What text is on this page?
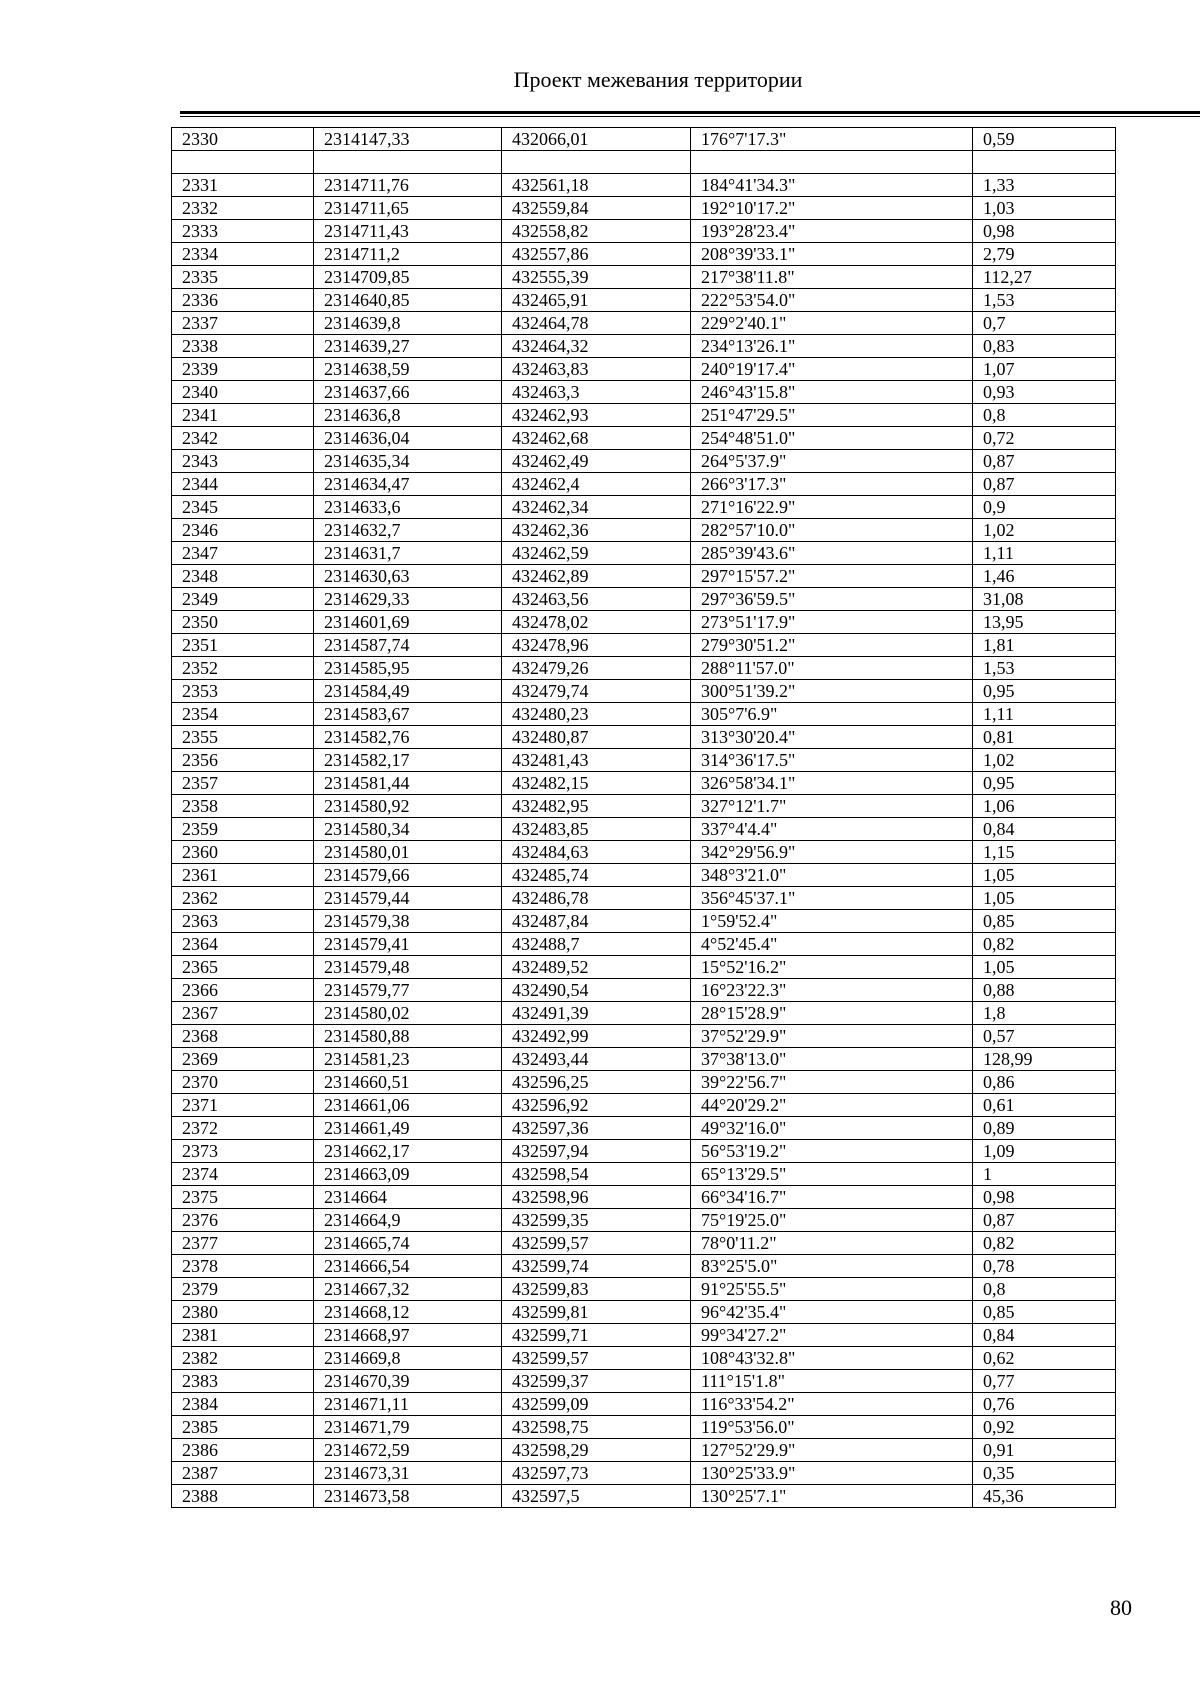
Проект межевания территории
2330	2314147,33	432066,01	176°7'17.3"	0,59

2331	2314711,76	432561,18	184°41'34.3"	1,33
2332	2314711,65	432559,84	192°10'17.2"	1,03
2333	2314711,43	432558,82	193°28'23.4"	0,98
2334	2314711,2	432557,86	208°39'33.1"	2,79
2335	2314709,85	432555,39	217°38'11.8"	112,27
2336	2314640,85	432465,91	222°53'54.0"	1,53
2337	2314639,8	432464,78	229°2'40.1"	0,7
2338	2314639,27	432464,32	234°13'26.1"	0,83
2339	2314638,59	432463,83	240°19'17.4"	1,07
2340	2314637,66	432463,3	246°43'15.8"	0,93
2341	2314636,8	432462,93	251°47'29.5"	0,8
2342	2314636,04	432462,68	254°48'51.0"	0,72
2343	2314635,34	432462,49	264°5'37.9"	0,87
2344	2314634,47	432462,4	266°3'17.3"	0,87
2345	2314633,6	432462,34	271°16'22.9"	0,9
2346	2314632,7	432462,36	282°57'10.0"	1,02
2347	2314631,7	432462,59	285°39'43.6"	1,11
2348	2314630,63	432462,89	297°15'57.2"	1,46
2349	2314629,33	432463,56	297°36'59.5"	31,08
2350	2314601,69	432478,02	273°51'17.9"	13,95
2351	2314587,74	432478,96	279°30'51.2"	1,81
2352	2314585,95	432479,26	288°11'57.0"	1,53
2353	2314584,49	432479,74	300°51'39.2"	0,95
2354	2314583,67	432480,23	305°7'6.9"	1,11
2355	2314582,76	432480,87	313°30'20.4"	0,81
2356	2314582,17	432481,43	314°36'17.5"	1,02
2357	2314581,44	432482,15	326°58'34.1"	0,95
2358	2314580,92	432482,95	327°12'1.7"	1,06
2359	2314580,34	432483,85	337°4'4.4"	0,84
2360	2314580,01	432484,63	342°29'56.9"	1,15
2361	2314579,66	432485,74	348°3'21.0"	1,05
2362	2314579,44	432486,78	356°45'37.1"	1,05
2363	2314579,38	432487,84	1°59'52.4"	0,85
2364	2314579,41	432488,7	4°52'45.4"	0,82
2365	2314579,48	432489,52	15°52'16.2"	1,05
2366	2314579,77	432490,54	16°23'22.3"	0,88
2367	2314580,02	432491,39	28°15'28.9"	1,8
2368	2314580,88	432492,99	37°52'29.9"	0,57
2369	2314581,23	432493,44	37°38'13.0"	128,99
2370	2314660,51	432596,25	39°22'56.7"	0,86
2371	2314661,06	432596,92	44°20'29.2"	0,61
2372	2314661,49	432597,36	49°32'16.0"	0,89
2373	2314662,17	432597,94	56°53'19.2"	1,09
2374	2314663,09	432598,54	65°13'29.5"	1
2375	2314664	432598,96	66°34'16.7"	0,98
2376	2314664,9	432599,35	75°19'25.0"	0,87
2377	2314665,74	432599,57	78°0'11.2"	0,82
2378	2314666,54	432599,74	83°25'5.0"	0,78
2379	2314667,32	432599,83	91°25'55.5"	0,8
2380	2314668,12	432599,81	96°42'35.4"	0,85
2381	2314668,97	432599,71	99°34'27.2"	0,84
2382	2314669,8	432599,57	108°43'32.8"	0,62
2383	2314670,39	432599,37	111°15'1.8"	0,77
2384	2314671,11	432599,09	116°33'54.2"	0,76
2385	2314671,79	432598,75	119°53'56.0"	0,92
2386	2314672,59	432598,29	127°52'29.9"	0,91
2387	2314673,31	432597,73	130°25'33.9"	0,35
2388	2314673,58	432597,5	130°25'7.1"	45,36
80
